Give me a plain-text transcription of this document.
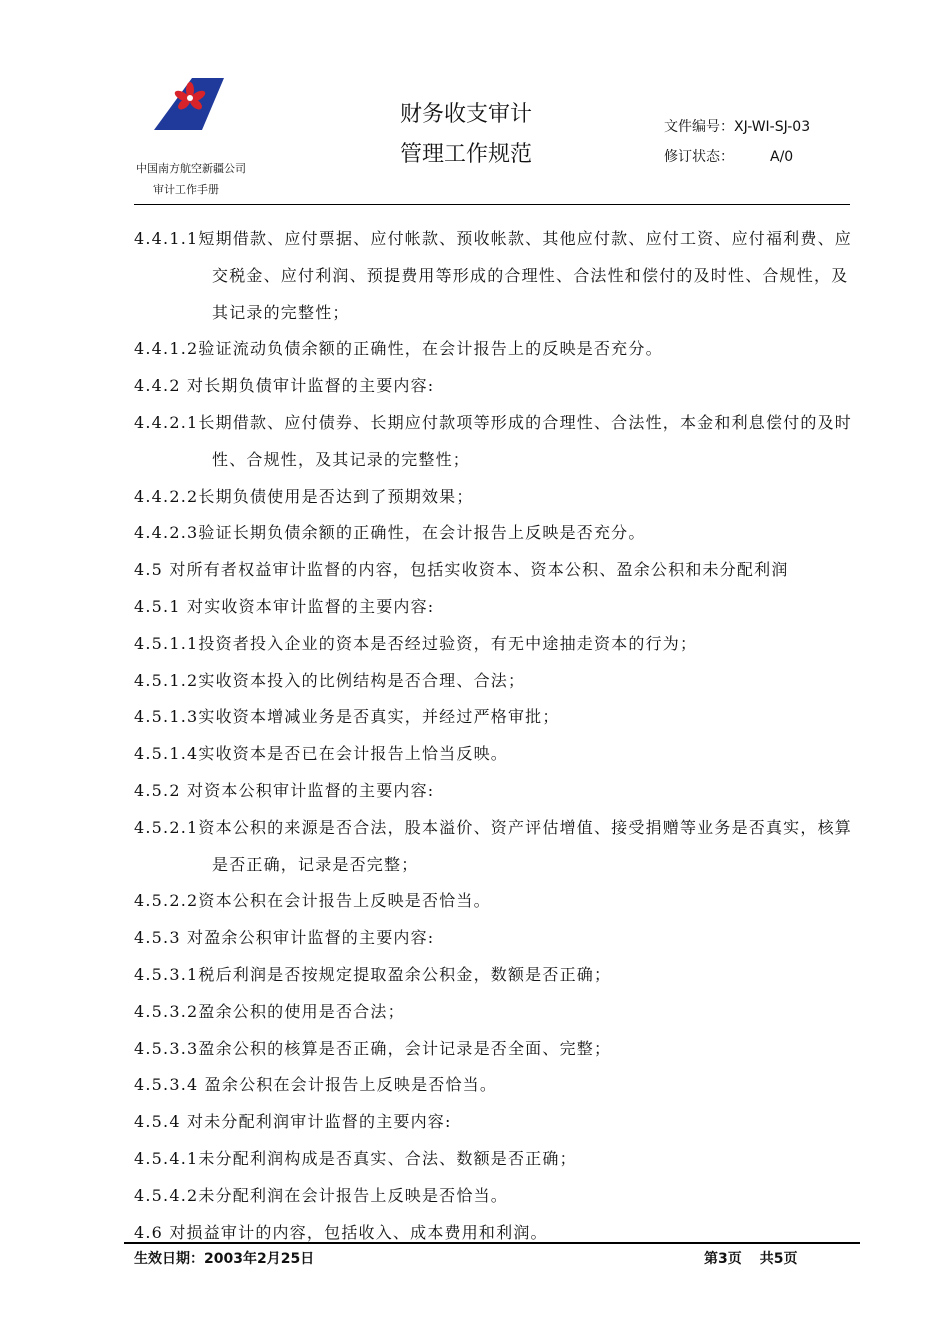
中国南方航空新疆公司
审计工作手册
财务收支审计
管理工作规范
文件编号：XJ-WI-SJ-03
修订状态：	A/0

4.4.1.1短期借款、应付票据、应付帐款、预收帐款、其他应付款、应付工资、应付福利费、应交税金、应付利润、预提费用等形成的合理性、合法性和偿付的及时性、合规性，及其记录的完整性；

4.4.1.2验证流动负债余额的正确性，在会计报告上的反映是否充分。

4.4.2 对长期负债审计监督的主要内容:

4.4.2.1长期借款、应付债券、长期应付款项等形成的合理性、合法性，本金和利息偿付的及时性、合规性，及其记录的完整性；

4.4.2.2长期负债使用是否达到了预期效果；

4.4.2.3验证长期负债余额的正确性，在会计报告上反映是否充分。

4.5 对所有者权益审计监督的内容，包括实收资本、资本公积、盈余公积和未分配利润

4.5.1 对实收资本审计监督的主要内容:

4.5.1.1投资者投入企业的资本是否经过验资，有无中途抽走资本的行为；

4.5.1.2实收资本投入的比例结构是否合理、合法；

4.5.1.3实收资本增减业务是否真实，并经过严格审批；

4.5.1.4实收资本是否已在会计报告上恰当反映。

4.5.2 对资本公积审计监督的主要内容:

4.5.2.1资本公积的来源是否合法，股本溢价、资产评估增值、接受捐赠等业务是否真实，核算是否正确，记录是否完整；

4.5.2.2资本公积在会计报告上反映是否恰当。

4.5.3 对盈余公积审计监督的主要内容:

4.5.3.1税后利润是否按规定提取盈余公积金，数额是否正确；

4.5.3.2盈余公积的使用是否合法；

4.5.3.3盈余公积的核算是否正确，会计记录是否全面、完整；

4.5.3.4 盈余公积在会计报告上反映是否恰当。

4.5.4 对未分配利润审计监督的主要内容:

4.5.4.1未分配利润构成是否真实、合法、数额是否正确；

4.5.4.2未分配利润在会计报告上反映是否恰当。

4.6 对损益审计的内容，包括收入、成本费用和利润。

生效日期：2003年2月25日	第3页 共5页
